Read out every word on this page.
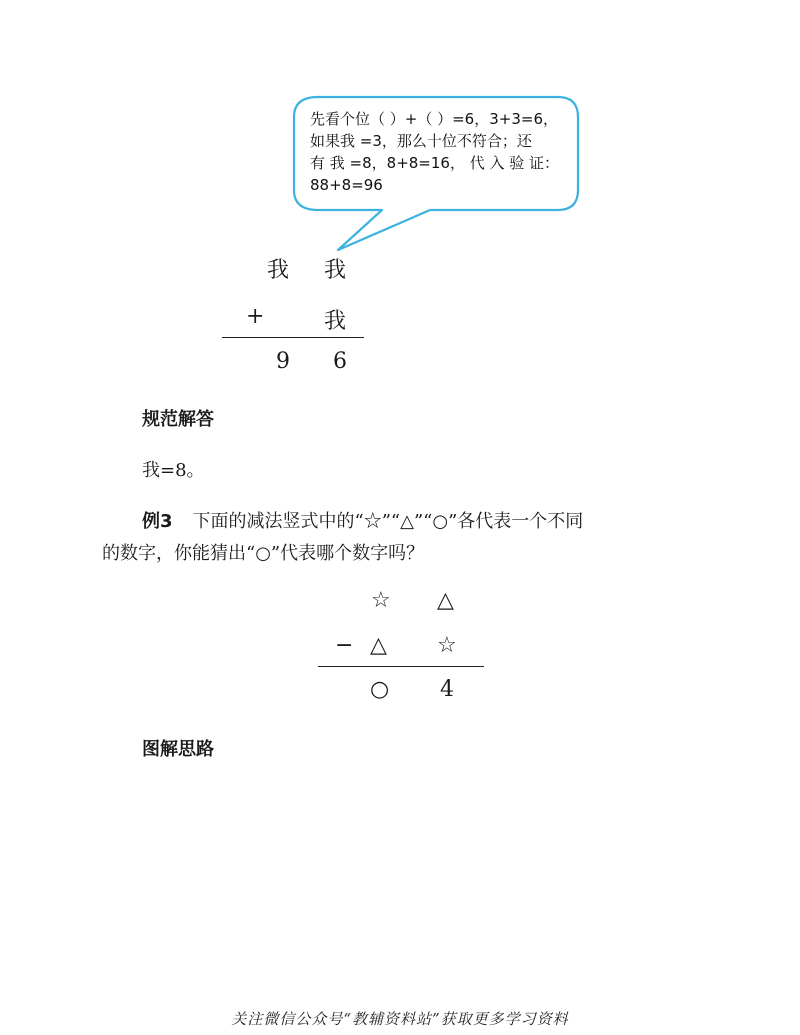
先看个位（ ）+（ ）=6，3+3=6，
如果我 =3，那么十位不符合；还
有 我 =8，8+8=16， 代 入 验 证：
88+8=96
我 我
+	我
9 6
规范解答
我=8。
例3 下面的减法竖式中的“☆”“△”“○”各代表一个不同
的数字，你能猜出“○”代表哪个数字吗？
☆ △
− △ ☆
○ 4
图解思路
关注微信公众号“教辅资料站”获取更多学习资料
